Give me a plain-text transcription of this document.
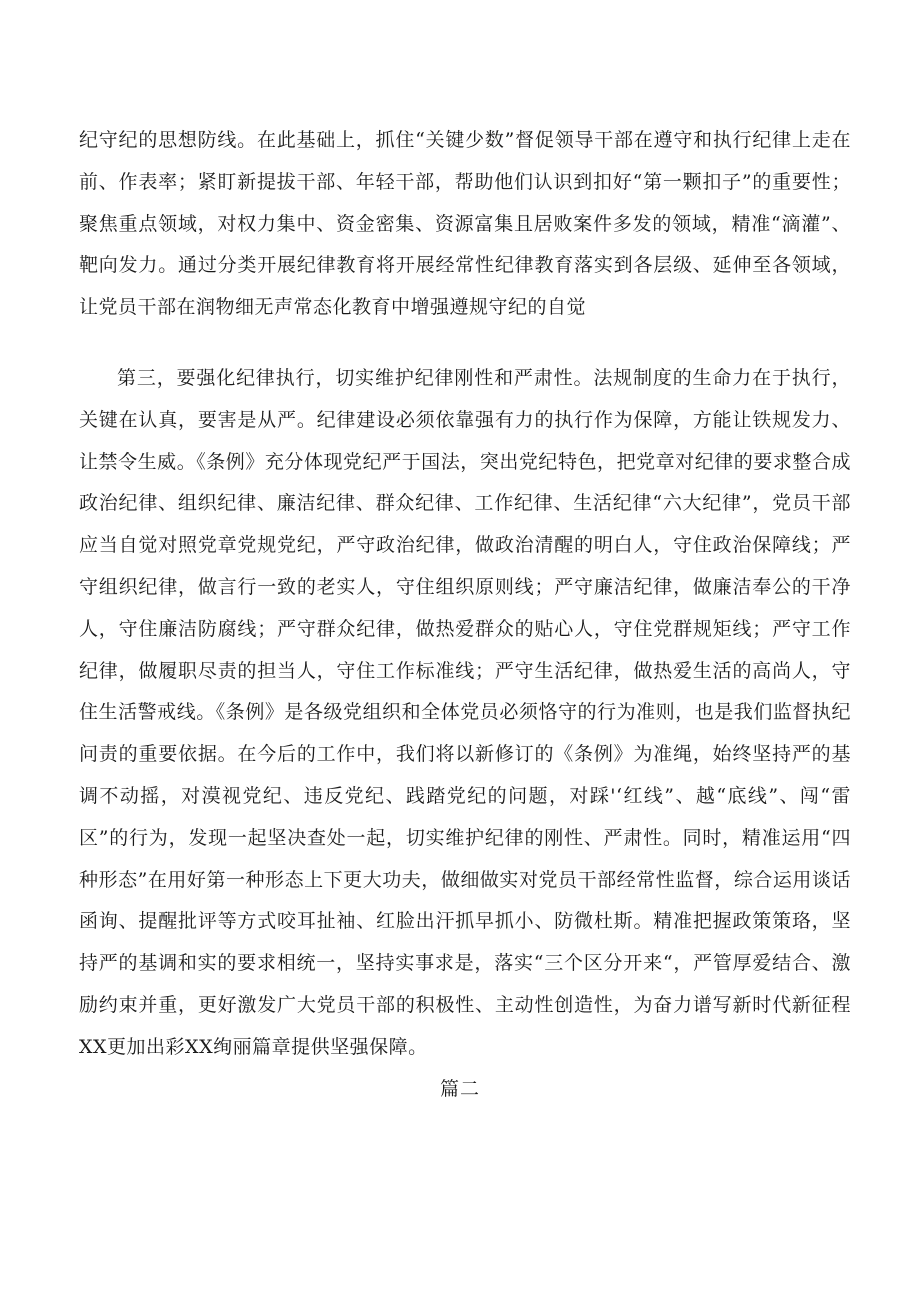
纪守纪的思想防线。在此基础上，抓住“关键少数”督促领导干部在遵守和执行纪律上走在前、作表率；紧盯新提拔干部、年轻干部，帮助他们认识到扣好“第一颗扣子”的重要性；聚焦重点领域，对权力集中、资金密集、资源富集且居败案件多发的领域，精准“滴灌”、靶向发力。通过分类开展纪律教育将开展经常性纪律教育落实到各层级、延伸至各领域，让党员干部在润物细无声常态化教育中增强遵规守纪的自觉

第三，要强化纪律执行，切实维护纪律刚性和严肃性。法规制度的生命力在于执行，关键在认真，要害是从严。纪律建设必须依靠强有力的执行作为保障，方能让铁规发力、让禁令生威。《条例》充分体现党纪严于国法，突出党纪特色，把党章对纪律的要求整合成政治纪律、组织纪律、廉洁纪律、群众纪律、工作纪律、生活纪律“六大纪律”，党员干部应当自觉对照党章党规党纪，严守政治纪律，做政治清醒的明白人，守住政治保障线；严守组织纪律，做言行一致的老实人，守住组织原则线；严守廉洁纪律，做廉洁奉公的干净人，守住廉洁防腐线；严守群众纪律，做热爱群众的贴心人，守住党群规矩线；严守工作纪律，做履职尽责的担当人，守住工作标准线；严守生活纪律，做热爱生活的高尚人，守住生活警戒线。《条例》是各级党组织和全体党员必须恪守的行为准则，也是我们监督执纪问责的重要依据。在今后的工作中，我们将以新修订的《条例》为准绳，始终坚持严的基调不动摇，对漠视党纪、违反党纪、践踏党纪的问题，对踩'‘红线”、越“底线”、闯“雷区”的行为，发现一起坚决查处一起，切实维护纪律的刚性、严肃性。同时，精准运用“四种形态”在用好第一种形态上下更大功夫，做细做实对党员干部经常性监督，综合运用谈话函询、提醒批评等方式咬耳扯袖、红脸出汗抓早抓小、防微杜斯。精准把握政策策珞，坚持严的基调和实的要求相统一，坚持实事求是，落实“三个区分开来“，严管厚爱结合、激励约束并重，更好激发广大党员干部的积极性、主动性创造性，为奋力谱写新时代新征程XX更加出彩XX绚丽篇章提供坚强保障。

篇二
